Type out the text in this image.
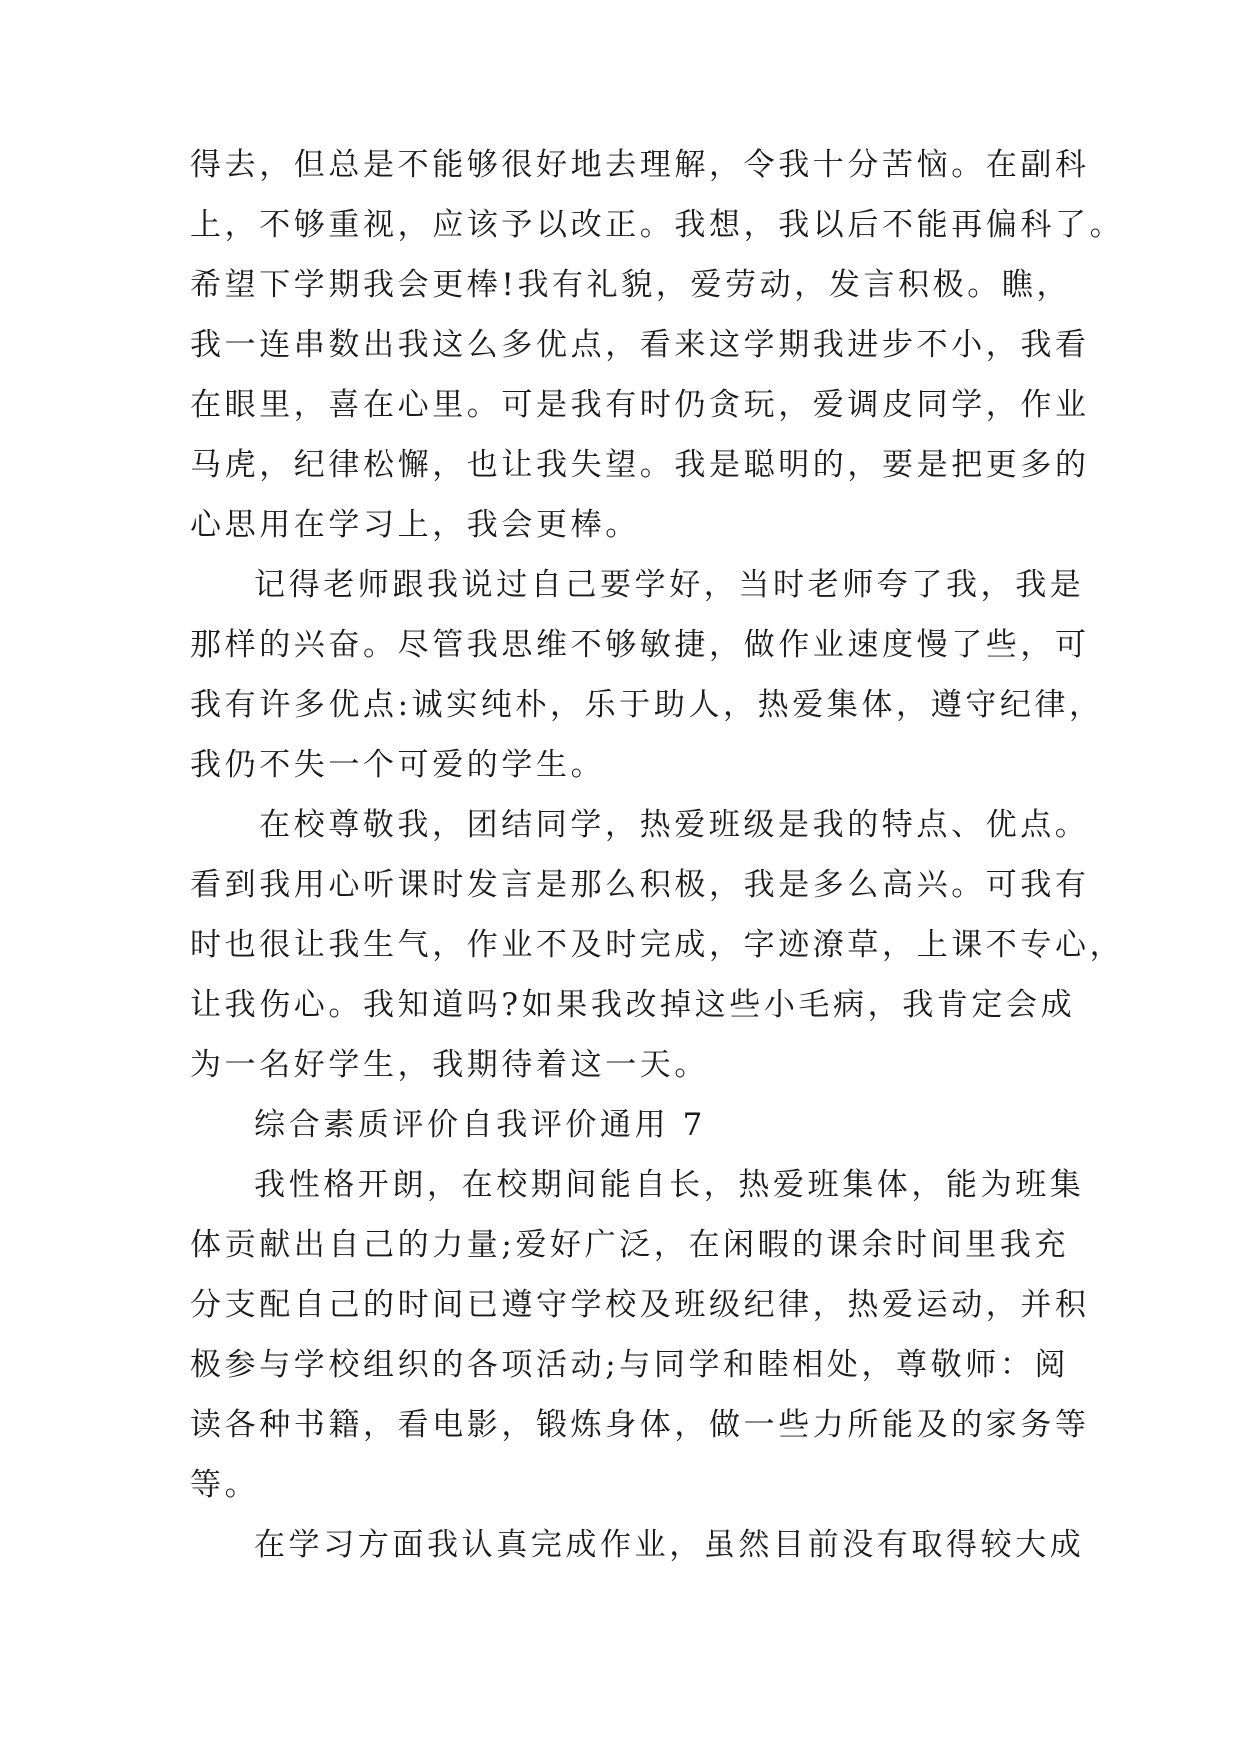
得去，但总是不能够很好地去理解，令我十分苦恼。在副科
上，不够重视，应该予以改正。我想，我以后不能再偏科了。
希望下学期我会更棒!我有礼貌，爱劳动，发言积极。瞧，
我一连串数出我这么多优点，看来这学期我进步不小，我看
在眼里，喜在心里。可是我有时仍贪玩，爱调皮同学，作业
马虎，纪律松懈，也让我失望。我是聪明的，要是把更多的
心思用在学习上，我会更棒。
记得老师跟我说过自己要学好，当时老师夸了我，我是
那样的兴奋。尽管我思维不够敏捷，做作业速度慢了些，可
我有许多优点:诚实纯朴，乐于助人，热爱集体，遵守纪律，
我仍不失一个可爱的学生。
在校尊敬我，团结同学，热爱班级是我的特点、优点。
看到我用心听课时发言是那么积极，我是多么高兴。可我有
时也很让我生气，作业不及时完成，字迹潦草，上课不专心，
让我伤心。我知道吗?如果我改掉这些小毛病，我肯定会成
为一名好学生，我期待着这一天。
综合素质评价自我评价通用 7
我性格开朗，在校期间能自长，热爱班集体，能为班集
体贡献出自己的力量;爱好广泛，在闲暇的课余时间里我充
分支配自己的时间已遵守学校及班级纪律，热爱运动，并积
极参与学校组织的各项活动;与同学和睦相处，尊敬师：阅
读各种书籍，看电影，锻炼身体，做一些力所能及的家务等
等。
在学习方面我认真完成作业，虽然目前没有取得较大成
